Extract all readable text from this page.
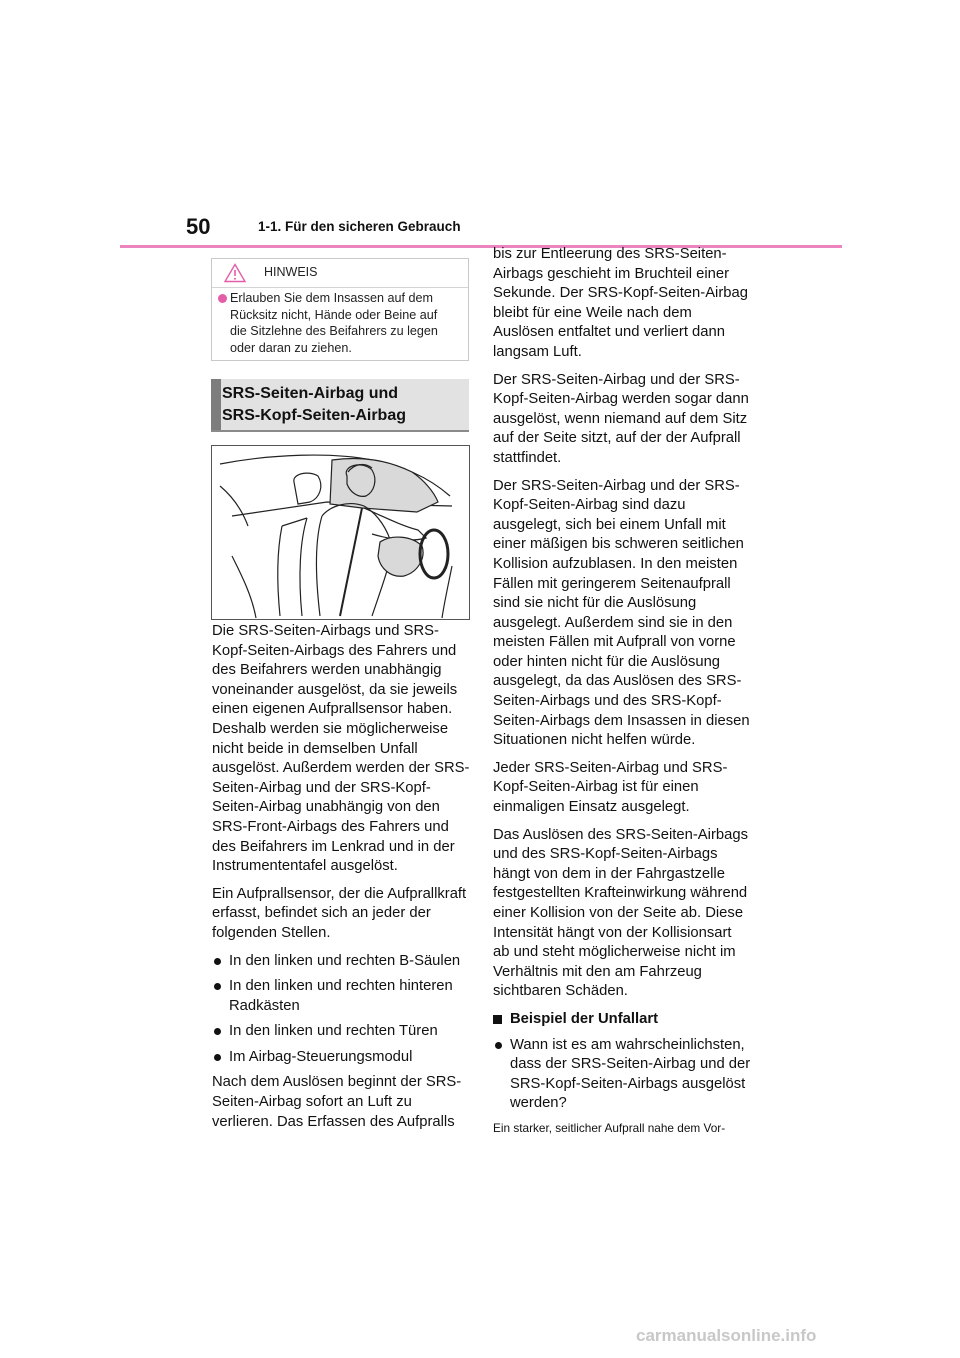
50	1-1. Für den sicheren Gebrauch
HINWEIS
Erlauben Sie dem Insassen auf dem Rücksitz nicht, Hände oder Beine auf die Sitzlehne des Beifahrers zu legen oder daran zu ziehen.
SRS-Seiten-Airbag und
SRS-Kopf-Seiten-Airbag

Die SRS-Seiten-Airbags und SRS-Kopf-Seiten-Airbags des Fahrers und des Beifahrers werden unabhängig voneinander ausgelöst, da sie jeweils einen eigenen Aufprallsensor haben. Deshalb werden sie möglicherweise nicht beide in demselben Unfall ausgelöst. Außerdem werden der SRS-Seiten-Airbag und der SRS-Kopf-Seiten-Airbag unabhängig von den SRS-Front-Airbags des Fahrers und des Beifahrers im Lenkrad und in der Instrumententafel ausgelöst.

Ein Aufprallsensor, der die Aufprallkraft erfasst, befindet sich an jeder der folgenden Stellen.

In den linken und rechten B-Säulen
In den linken und rechten hinteren Radkästen
In den linken und rechten Türen
Im Airbag-Steuerungsmodul

Nach dem Auslösen beginnt der SRS-Seiten-Airbag sofort an Luft zu verlieren. Das Erfassen des Aufpralls

bis zur Entleerung des SRS-Seiten-Airbags geschieht im Bruchteil einer Sekunde. Der SRS-Kopf-Seiten-Airbag bleibt für eine Weile nach dem Auslösen entfaltet und verliert dann langsam Luft.

Der SRS-Seiten-Airbag und der SRS-Kopf-Seiten-Airbag werden sogar dann ausgelöst, wenn niemand auf dem Sitz auf der Seite sitzt, auf der der Aufprall stattfindet.

Der SRS-Seiten-Airbag und der SRS-Kopf-Seiten-Airbag sind dazu ausgelegt, sich bei einem Unfall mit einer mäßigen bis schweren seitlichen Kollision aufzublasen. In den meisten Fällen mit geringerem Seitenaufprall sind sie nicht für die Auslösung ausgelegt. Außerdem sind sie in den meisten Fällen mit Aufprall von vorne oder hinten nicht für die Auslösung ausgelegt, da das Auslösen des SRS-Seiten-Airbags und des SRS-Kopf-Seiten-Airbags dem Insassen in diesen Situationen nicht helfen würde.

Jeder SRS-Seiten-Airbag und SRS-Kopf-Seiten-Airbag ist für einen einmaligen Einsatz ausgelegt.

Das Auslösen des SRS-Seiten-Airbags und des SRS-Kopf-Seiten-Airbags hängt von dem in der Fahrgastzelle festgestellten Krafteinwirkung während einer Kollision von der Seite ab. Diese Intensität hängt von der Kollisionsart ab und steht möglicherweise nicht im Verhältnis mit den am Fahrzeug sichtbaren Schäden.

Beispiel der Unfallart
Wann ist es am wahrscheinlichsten, dass der SRS-Seiten-Airbag und der SRS-Kopf-Seiten-Airbags ausgelöst werden?

Ein starker, seitlicher Aufprall nahe dem Vor-

carmanualsonline.info
